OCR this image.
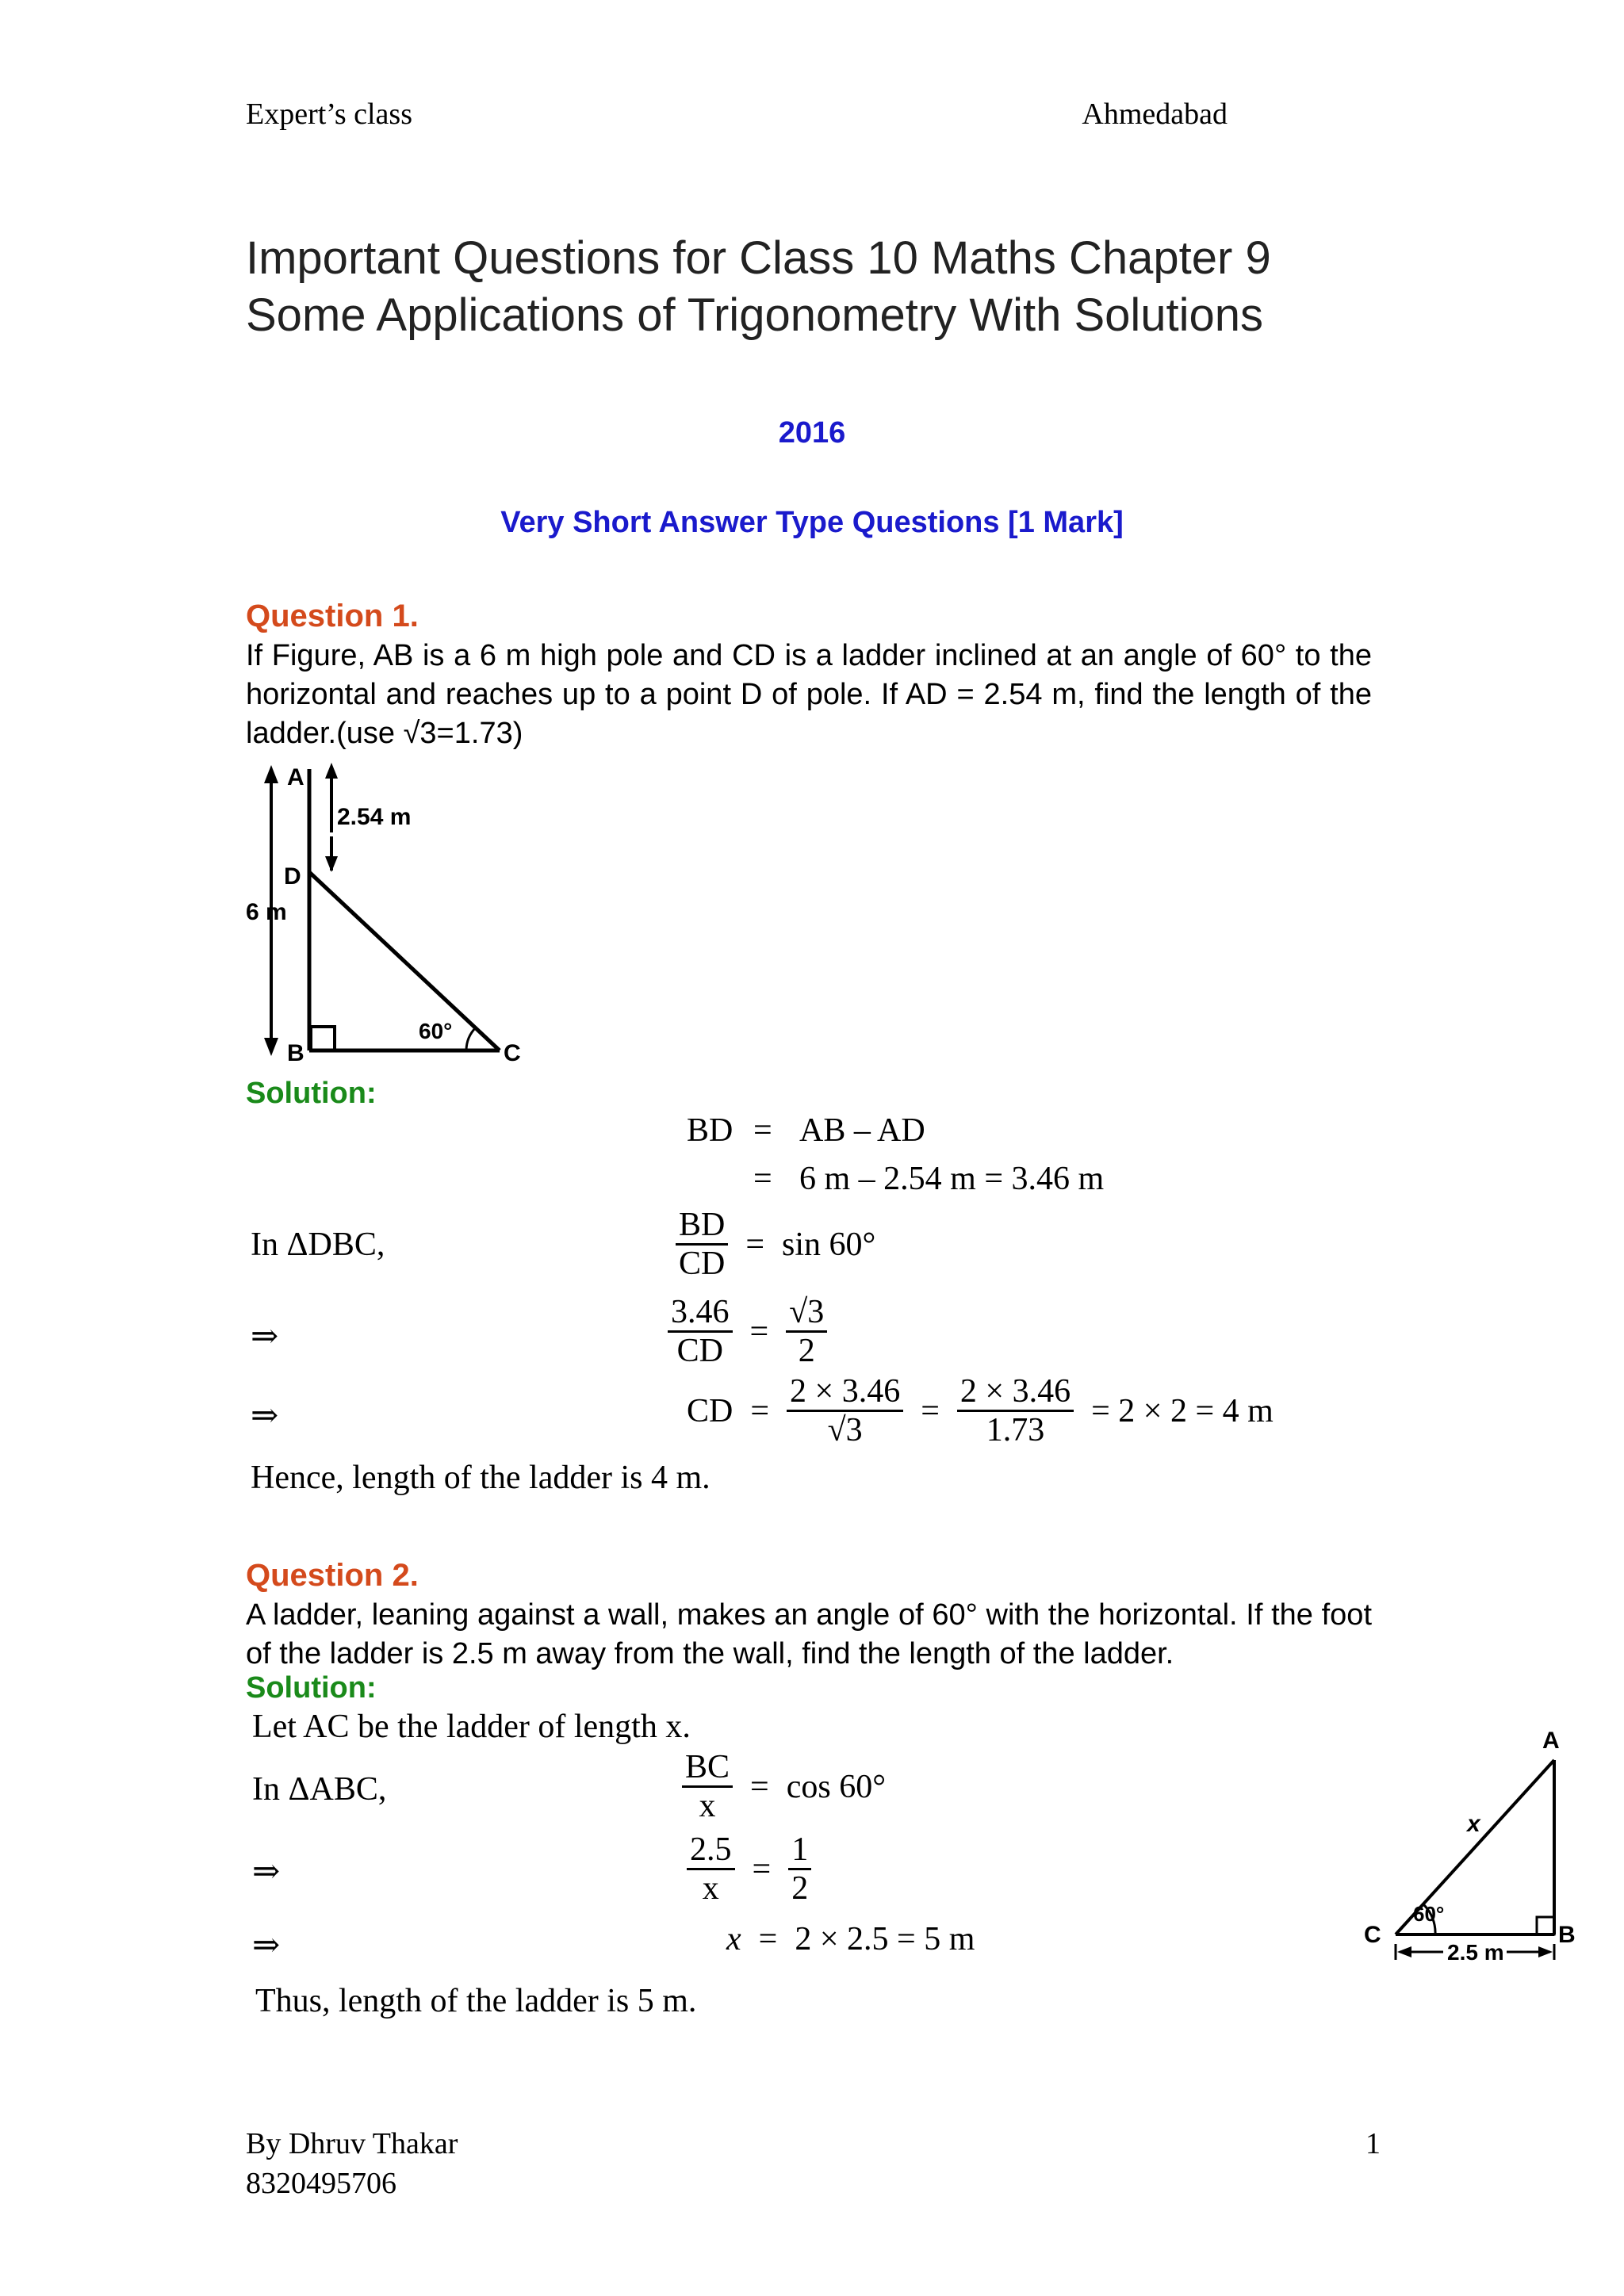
Expert’s class	Ahmedabad
Important Questions for Class 10 Maths Chapter 9
Some Applications of Trigonometry With Solutions
2016
Very Short Answer Type Questions [1 Mark]
Question 1.
If Figure, AB is a 6 m high pole and CD is a ladder inclined at an angle of 60° to the horizontal and reaches up to a point D of pole. If AD = 2.54 m, find the length of the ladder.(use √3=1.73)
A
2.54 m
D
6 m
B
60°
C
Solution:
BD = AB – AD
= 6 m – 2.54 m = 3.46 m
In ΔDBC,	$\frac{BD}{CD} = \sin 60^\circ$
⇒	$\frac{3.46}{CD} = \frac{√3}{2}$
⇒	CD = $\frac{2 \times 3.46}{√3} = \frac{2 \times 3.46}{1.73} = 2 \times 2 = 4$ m
Hence, length of the ladder is 4 m.
Question 2.
A ladder, leaning against a wall, makes an angle of 60° with the horizontal. If the foot of the ladder is 2.5 m away from the wall, find the length of the ladder.
Solution:
Let AC be the ladder of length x.
In ΔABC,	$\frac{BC}{x} = \cos 60^\circ$
⇒	$\frac{2.5}{x} = \frac{1}{2}$
⇒	x = 2 × 2.5 = 5 m
Thus, length of the ladder is 5 m.
A
x
60°
C	B
2.5 m
By Dhruv Thakar
8320495706
1
